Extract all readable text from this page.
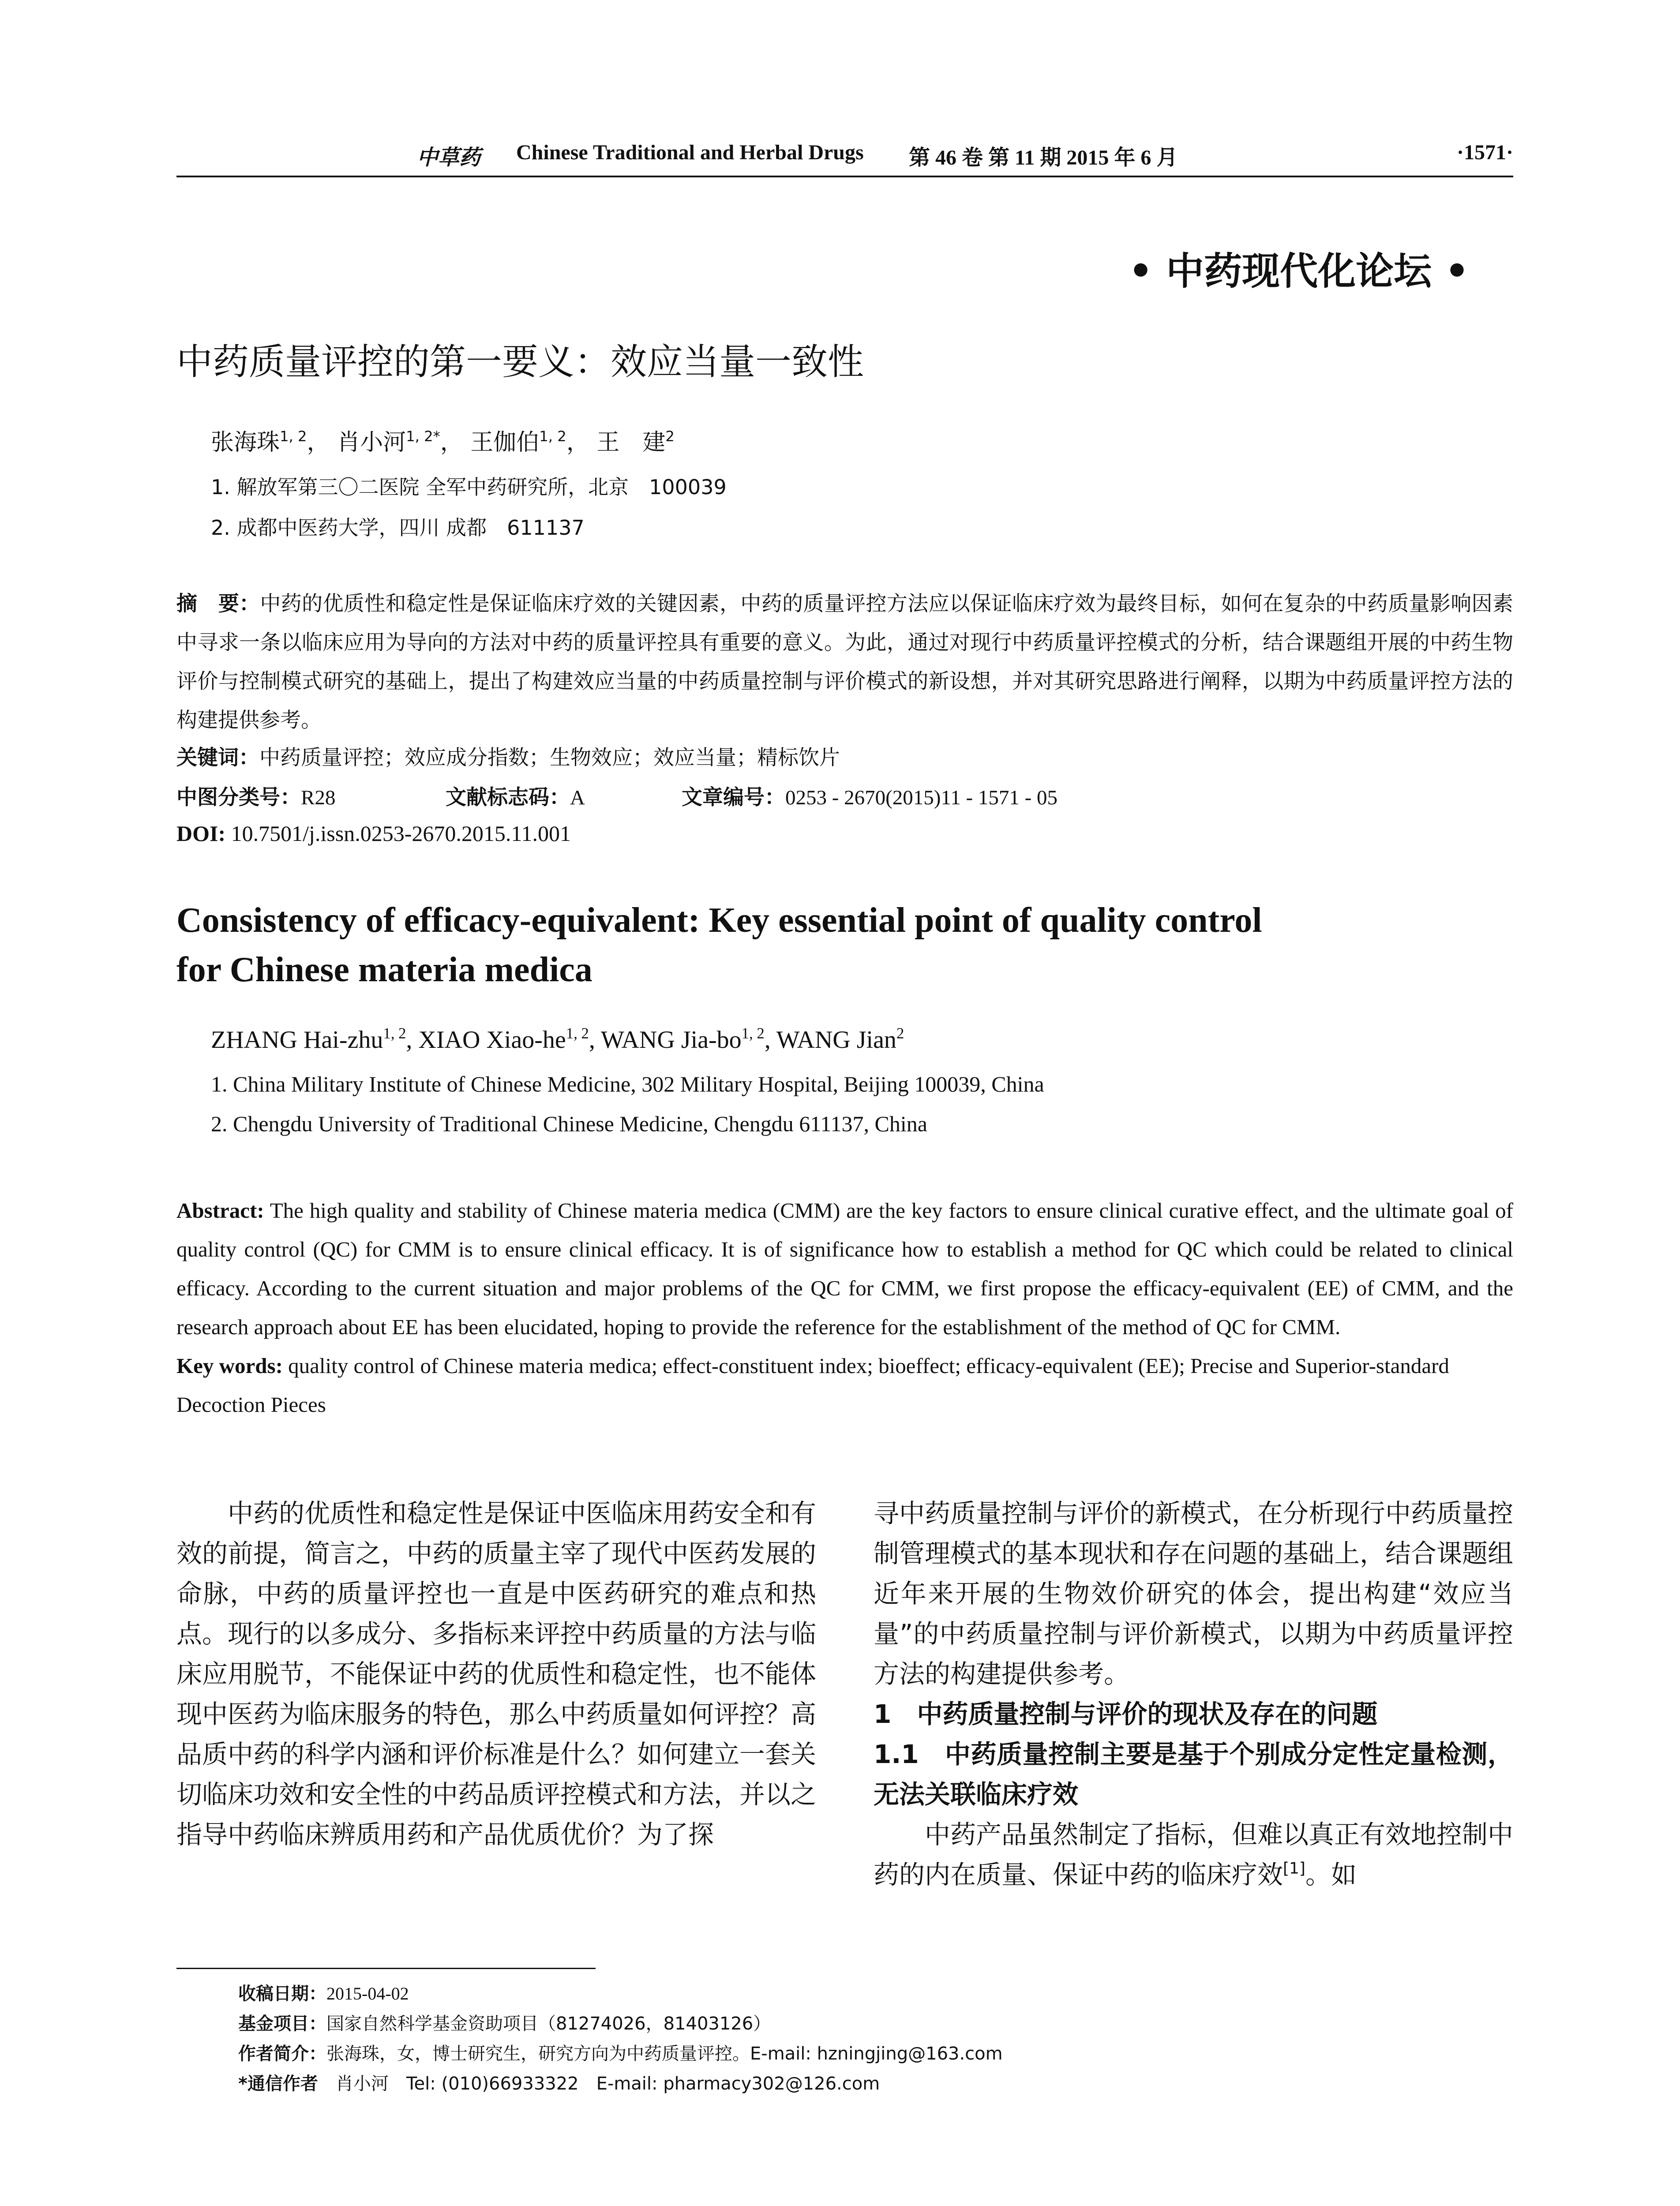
中草药 Chinese Traditional and Herbal Drugs 第 46 卷 第 11 期 2015 年 6 月	·1571·
• 中药现代化论坛 •
中药质量评控的第一要义：效应当量一致性
张海珠$^{1, 2}$， 肖小河$^{1, 2*}$， 王伽伯$^{1, 2}$， 王　建$^2$
1. 解放军第三〇二医院 全军中药研究所，北京　100039
2. 成都中医药大学，四川 成都　611137
摘　要：中药的优质性和稳定性是保证临床疗效的关键因素，中药的质量评控方法应以保证临床疗效为最终目标，如何在复杂的中药质量影响因素中寻求一条以临床应用为导向的方法对中药的质量评控具有重要的意义。为此，通过对现行中药质量评控模式的分析，结合课题组开展的中药生物评价与控制模式研究的基础上，提出了构建效应当量的中药质量控制与评价模式的新设想，并对其研究思路进行阐释，以期为中药质量评控方法的构建提供参考。
关键词：中药质量评控；效应成分指数；生物效应；效应当量；精标饮片
中图分类号：R28	文献标志码：A	文章编号：0253 - 2670(2015)11 - 1571 - 05
DOI: 10.7501/j.issn.0253-2670.2015.11.001
Consistency of efficacy-equivalent: Key essential point of quality control
for Chinese materia medica
ZHANG Hai-zhu$^{1, 2}$, XIAO Xiao-he$^{1, 2}$, WANG Jia-bo$^{1, 2}$, WANG Jian$^2$
1. China Military Institute of Chinese Medicine, 302 Military Hospital, Beijing 100039, China
2. Chengdu University of Traditional Chinese Medicine, Chengdu 611137, China
Abstract: The high quality and stability of Chinese materia medica (CMM) are the key factors to ensure clinical curative effect, and the ultimate goal of quality control (QC) for CMM is to ensure clinical efficacy. It is of significance how to establish a method for QC which could be related to clinical efficacy. According to the current situation and major problems of the QC for CMM, we first propose the efficacy-equivalent (EE) of CMM, and the research approach about EE has been elucidated, hoping to provide the reference for the establishment of the method of QC for CMM.
Key words: quality control of Chinese materia medica; effect-constituent index; bioeffect; efficacy-equivalent (EE); Precise and Superior-standard Decoction Pieces

中药的优质性和稳定性是保证中医临床用药安全和有效的前提，简言之，中药的质量主宰了现代中医药发展的命脉，中药的质量评控也一直是中医药研究的难点和热点。现行的以多成分、多指标来评控中药质量的方法与临床应用脱节，不能保证中药的优质性和稳定性，也不能体现中医药为临床服务的特色，那么中药质量如何评控？高品质中药的科学内涵和评价标准是什么？如何建立一套关切临床功效和安全性的中药品质评控模式和方法，并以之指导中药临床辨质用药和产品优质优价？为了探

寻中药质量控制与评价的新模式，在分析现行中药质量控制管理模式的基本现状和存在问题的基础上，结合课题组近年来开展的生物效价研究的体会，提出构建“效应当量”的中药质量控制与评价新模式，以期为中药质量评控方法的构建提供参考。

1　中药质量控制与评价的现状及存在的问题

1.1　中药质量控制主要是基于个别成分定性定量检测，无法关联临床疗效

中药产品虽然制定了指标，但难以真正有效地控制中药的内在质量、保证中药的临床疗效[1]。如

收稿日期：2015-04-02
基金项目：国家自然科学基金资助项目（81274026，81403126）
作者简介：张海珠，女，博士研究生，研究方向为中药质量评控。E-mail: hzningjing@163.com
*通信作者　 肖小河　Tel: (010)66933322　E-mail: pharmacy302@126.com
